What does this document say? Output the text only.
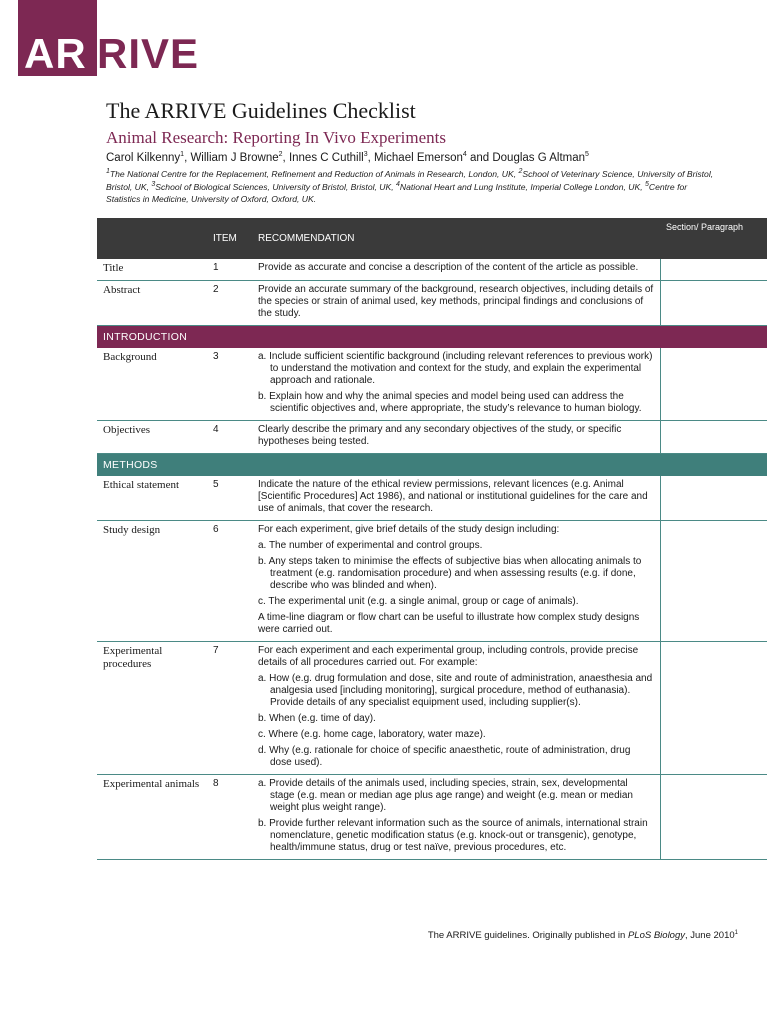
AR RIVE
The ARRIVE Guidelines Checklist
Animal Research: Reporting In Vivo Experiments
Carol Kilkenny$^1$, William J Browne$^2$, Innes C Cuthill$^3$, Michael Emerson$^4$ and Douglas G Altman$^5$
$^1$The National Centre for the Replacement, Refinement and Reduction of Animals in Research, London, UK, $^2$School of Veterinary Science, University of Bristol, Bristol, UK, $^3$School of Biological Sciences, University of Bristol, Bristol, UK, $^4$National Heart and Lung Institute, Imperial College London, UK, $^5$Centre for Statistics in Medicine, University of Oxford, Oxford, UK.
	ITEM	RECOMMENDATION	Section/ Paragraph
Title	1	Provide as accurate and concise a description of the content of the article as possible.	

Abstract	2	Provide an accurate summary of the background, research objectives, including details of the species or strain of animal used, key methods, principal findings and conclusions of the study.	

INTRODUCTION			
Background	3	a. Include sufficient scientific background (including relevant references to previous work) to understand the motivation and context for the study, and explain the experimental approach and rationale.
b. Explain how and why the animal species and model being used can address the scientific objectives and, where appropriate, the study’s relevance to human biology.	

Objectives	4	Clearly describe the primary and any secondary objectives of the study, or specific hypotheses being tested.	

METHODS			
Ethical statement	5	Indicate the nature of the ethical review permissions, relevant licences (e.g. Animal [Scientific Procedures] Act 1986), and national or institutional guidelines for the care and use of animals, that cover the research.	

Study design	6	For each experiment, give brief details of the study design including:
a. The number of experimental and control groups.
b. Any steps taken to minimise the effects of subjective bias when allocating animals to treatment (e.g. randomisation procedure) and when assessing results (e.g. if done, describe who was blinded and when).
c. The experimental unit (e.g. a single animal, group or cage of animals).
A time-line diagram or flow chart can be useful to illustrate how complex study designs were carried out.	

Experimental procedures	7	For each experiment and each experimental group, including controls, provide precise details of all procedures carried out. For example:
a. How (e.g. drug formulation and dose, site and route of administration, anaesthesia and analgesia used [including monitoring], surgical procedure, method of euthanasia). Provide details of any specialist equipment used, including supplier(s).
b. When (e.g. time of day).
c. Where (e.g. home cage, laboratory, water maze).
d. Why (e.g. rationale for choice of specific anaesthetic, route of administration, drug dose used).	

Experimental animals	8	a. Provide details of the animals used, including species, strain, sex, developmental stage (e.g. mean or median age plus age range) and weight (e.g. mean or median weight plus weight range).
b. Provide further relevant information such as the source of animals, international strain nomenclature, genetic modification status (e.g. knock-out or transgenic), genotype, health/immune status, drug or test naïve, previous procedures, etc.	

The ARRIVE guidelines. Originally published in PLoS Biology, June 2010$^1$
